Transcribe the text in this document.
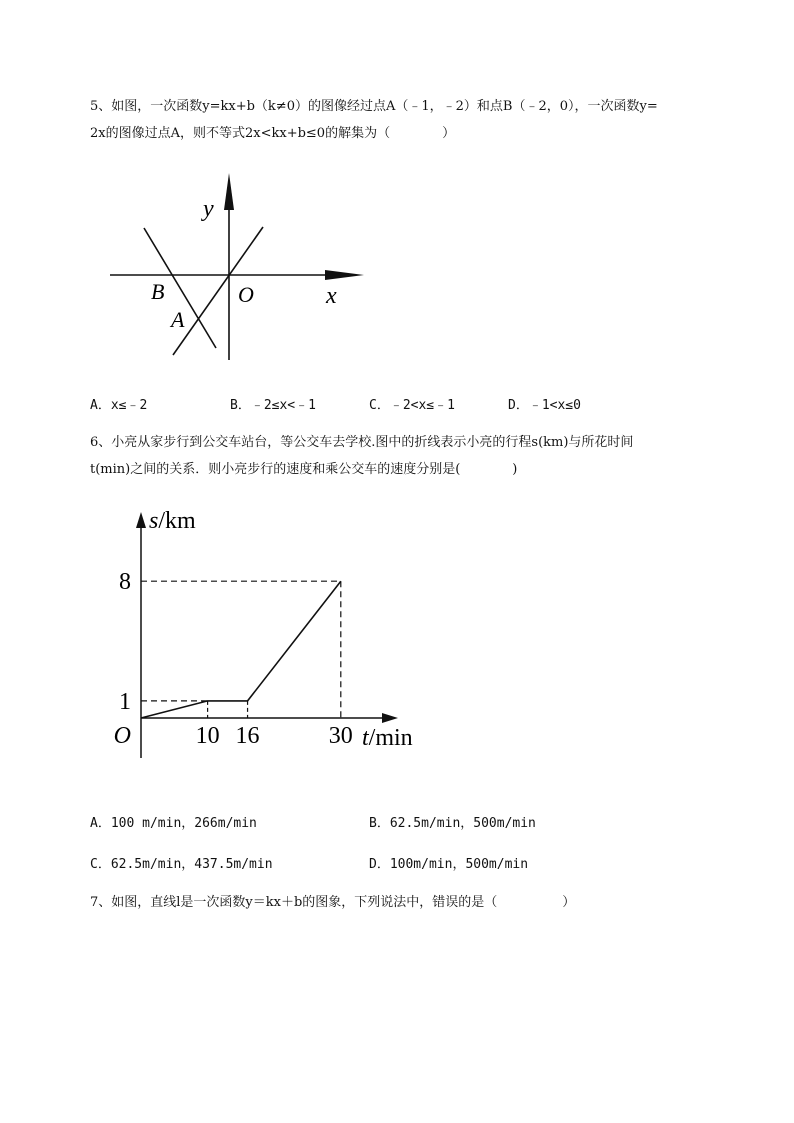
5、如图，一次函数y=kx+b（k≠0）的图像经过点A（﹣1，﹣2）和点B（﹣2，0），一次函数y=
2x的图像过点A，则不等式2x<kx+b≤0的解集为（　　　　）
y
x
O
B
A
A．x≤﹣2	B．﹣2≤x<﹣1	C．﹣2<x≤﹣1	D．﹣1<x≤0
6、小亮从家步行到公交车站台，等公交车去学校.图中的折线表示小亮的行程s(km)与所花时间
t(min)之间的关系．则小亮步行的速度和乘公交车的速度分别是(　　　　)
10 16	30
1
8
O
s/km
t/min
A．100 m/min，266m/min	B．62.5m/min，500m/min
C．62.5m/min，437.5m/min	D．100m/min，500m/min
7、如图，直线l是一次函数y＝kx＋b的图象，下列说法中，错误的是（　　　　　）
